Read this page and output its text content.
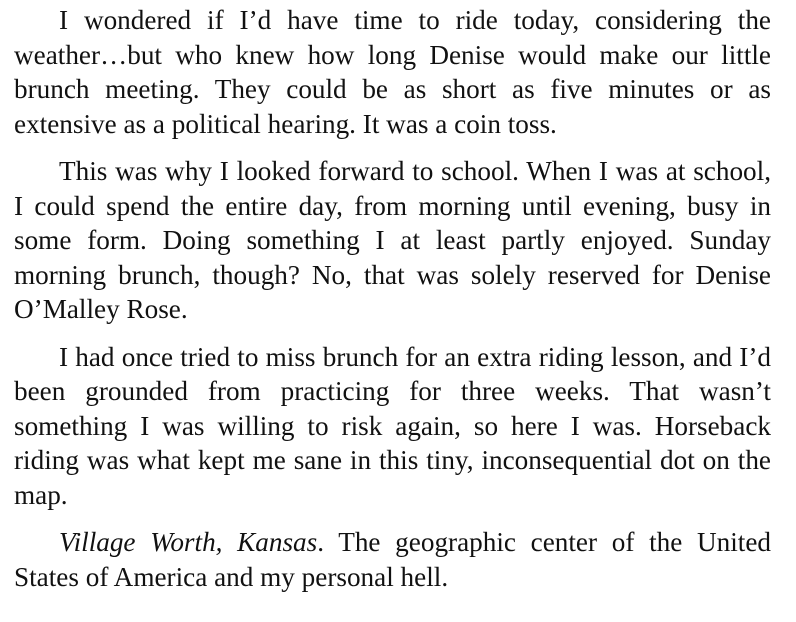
I wondered if I’d have time to ride today, considering the weather…but who knew how long Denise would make our little brunch meeting. They could be as short as five minutes or as extensive as a political hearing. It was a coin toss.

This was why I looked forward to school. When I was at school, I could spend the entire day, from morning until evening, busy in some form. Doing something I at least partly enjoyed. Sunday morning brunch, though? No, that was solely reserved for Denise O’Malley Rose.

I had once tried to miss brunch for an extra riding lesson, and I’d been grounded from practicing for three weeks. That wasn’t something I was willing to risk again, so here I was. Horseback riding was what kept me sane in this tiny, inconsequential dot on the map.

Village Worth, Kansas. The geographic center of the United States of America and my personal hell.
